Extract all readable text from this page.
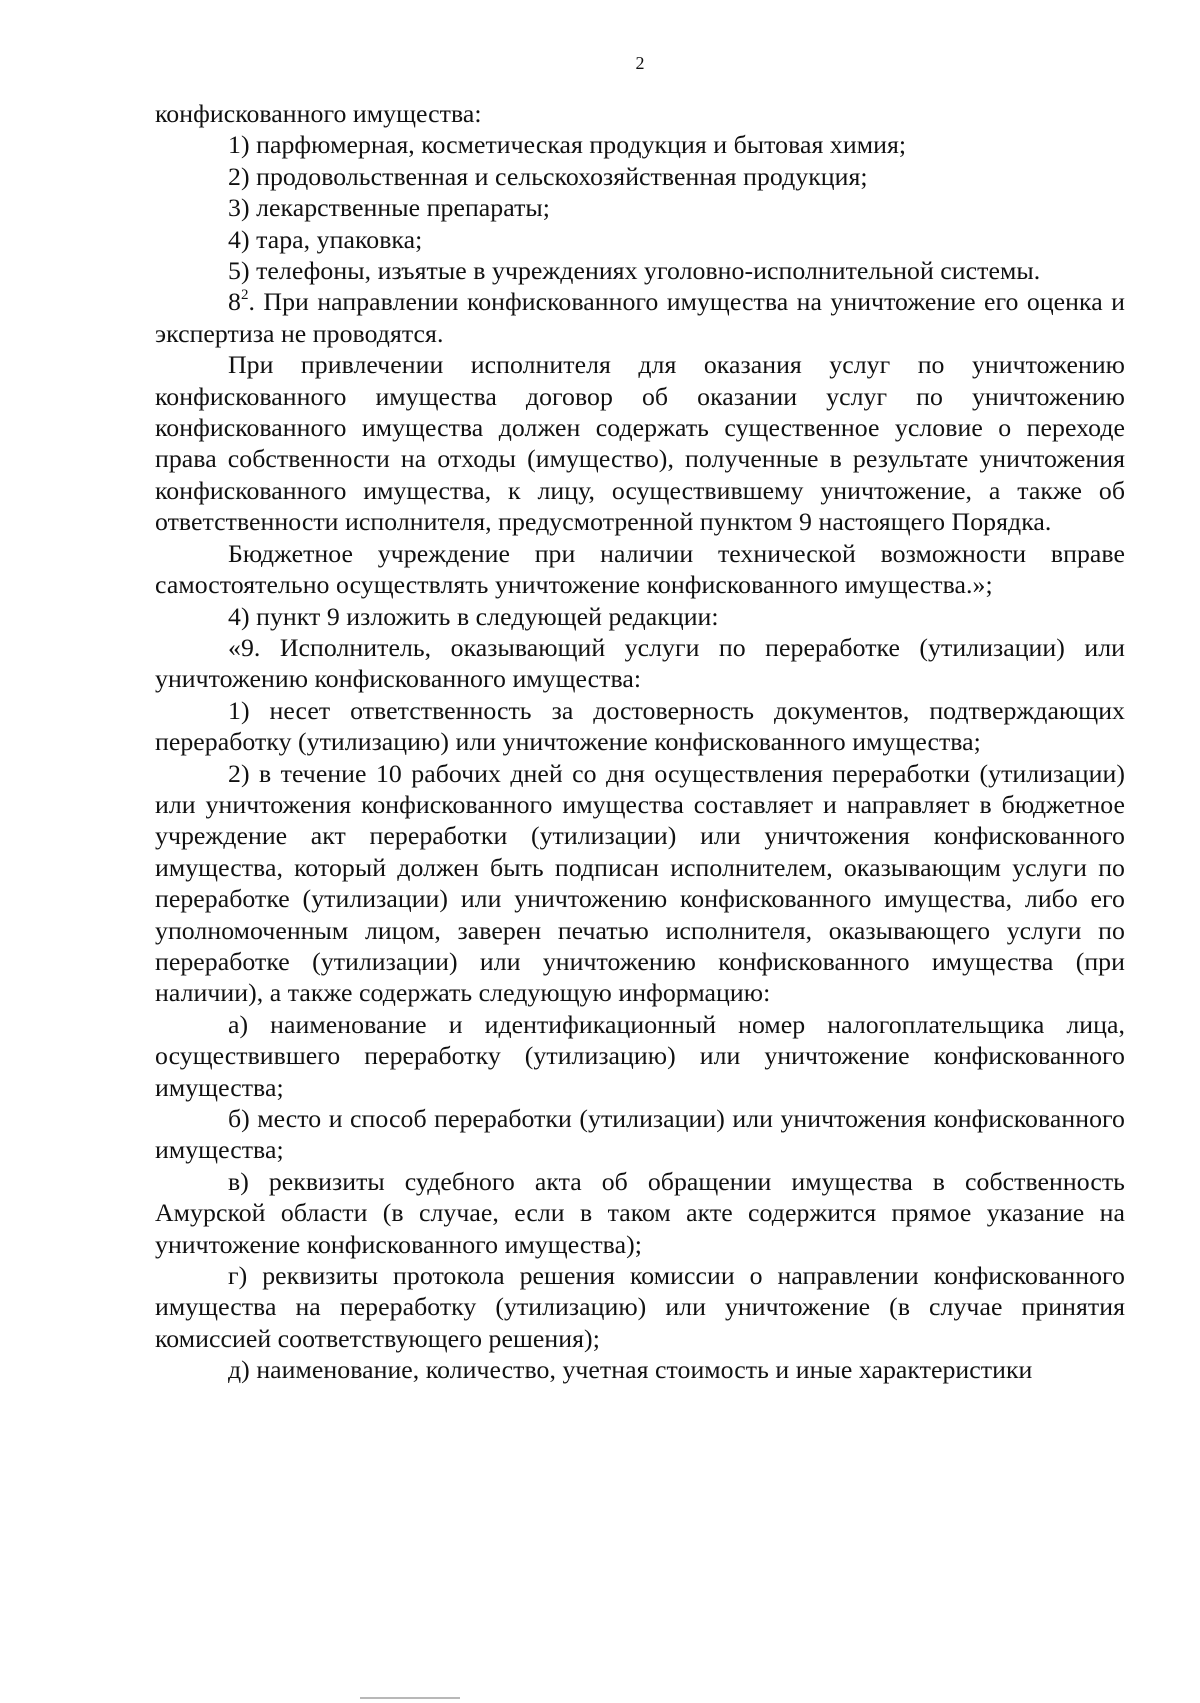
2

конфискованного имущества:

1) парфюмерная, косметическая продукция и бытовая химия;

2) продовольственная и сельскохозяйственная продукция;

3) лекарственные препараты;

4) тара, упаковка;

5) телефоны, изъятые в учреждениях уголовно-исполнительной системы.

$8^2$. При направлении конфискованного имущества на уничтожение его оценка и экспертиза не проводятся.

При привлечении исполнителя для оказания услуг по уничтожению конфискованного имущества договор об оказании услуг по уничтожению конфискованного имущества должен содержать существенное условие о переходе права собственности на отходы (имущество), полученные в результате уничтожения конфискованного имущества, к лицу, осуществившему уничтожение, а также об ответственности исполнителя, предусмотренной пунктом 9 настоящего Порядка.

Бюджетное учреждение при наличии технической возможности вправе самостоятельно осуществлять уничтожение конфискованного имущества.»;

4) пункт 9 изложить в следующей редакции:

«9. Исполнитель, оказывающий услуги по переработке (утилизации) или уничтожению конфискованного имущества:

1) несет ответственность за достоверность документов, подтверждающих переработку (утилизацию) или уничтожение конфискованного имущества;

2) в течение 10 рабочих дней со дня осуществления переработки (утилизации) или уничтожения конфискованного имущества составляет и направляет в бюджетное учреждение акт переработки (утилизации) или уничтожения конфискованного имущества, который должен быть подписан исполнителем, оказывающим услуги по переработке (утилизации) или уничтожению конфискованного имущества, либо его уполномоченным лицом, заверен печатью исполнителя, оказывающего услуги по переработке (утилизации) или уничтожению конфискованного имущества (при наличии), а также содержать следующую информацию:

а) наименование и идентификационный номер налогоплательщика лица, осуществившего переработку (утилизацию) или уничтожение конфискованного имущества;

б) место и способ переработки (утилизации) или уничтожения конфискованного имущества;

в) реквизиты судебного акта об обращении имущества в собственность Амурской области (в случае, если в таком акте содержится прямое указание на уничтожение конфискованного имущества);

г) реквизиты протокола решения комиссии о направлении конфискованного имущества на переработку (утилизацию) или уничтожение (в случае принятия комиссией соответствующего решения);

д) наименование, количество, учетная стоимость и иные характеристики
